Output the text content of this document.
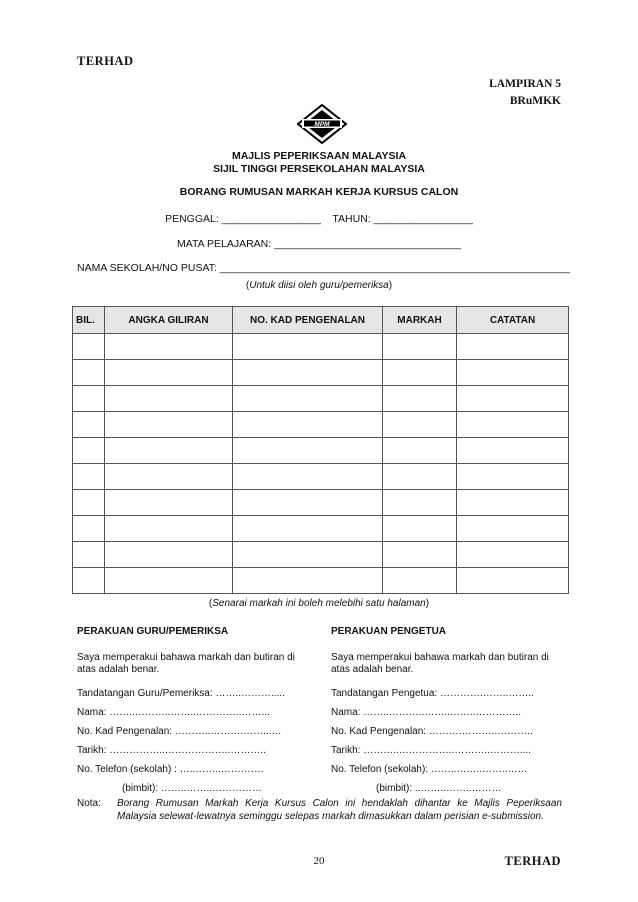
TERHAD
LAMPIRAN 5
BRuMKK
MPM
MAJLIS PEPERIKSAAN MALAYSIA
SIJIL TINGGI PERSEKOLAHAN MALAYSIA
BORANG RUMUSAN MARKAH KERJA KURSUS CALON
PENGGAL: _________________ TAHUN: _________________
MATA PELAJARAN: ________________________________
NAMA SEKOLAH/NO PUSAT: ____________________________________________________________
(Untuk diisi oleh guru/pemeriksa)
BIL.	ANGKA GILIRAN	NO. KAD PENGENALAN	MARKAH	CATATAN

(Senarai markah ini boleh melebihi satu halaman)
PERAKUAN GURU/PEMERIKSA
Saya memperakui bahawa markah dan butiran di atas adalah benar.
Tandatangan Guru/Pemeriksa: ……..……….....
Nama: ……..………..……..…………..……...
No. Kad Pengenalan: ………..……….……...…
Tarikh: ……………..………………..………..
No. Telefon (sekolah) : …..……..………….
(bimbit): ……..……..……………
PERAKUAN PENGETUA
Saya memperakui bahawa markah dan butiran di atas adalah benar.
Tandatangan Pengetua: ………….……..……..
Nama: ……..………..……..……..…………..
No. Kad Pengenalan: ……….………..………..
Tarikh: ………..……………..………..………....
No. Telefon (sekolah): ……..……..……..……
(bimbit): ..……..……..………
Nota: Borang Rumusan Markah Kerja Kursus Calon ini hendaklah dihantar ke Majlis Peperiksaan Malaysia selewat-lewatnya seminggu selepas markah dimasukkan dalam perisian e-submission.
20	TERHAD
